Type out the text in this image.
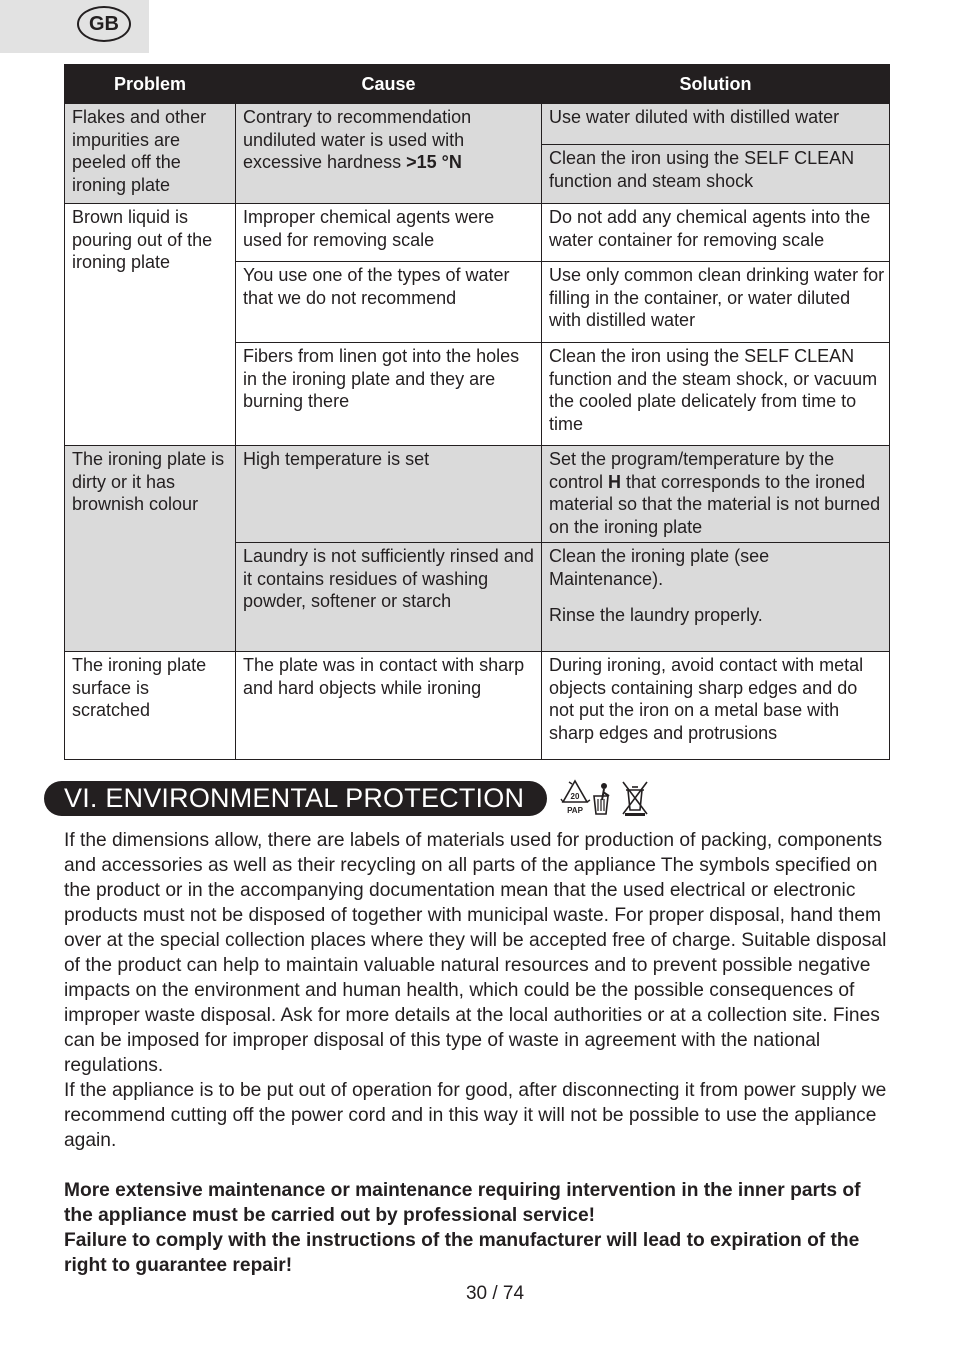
GB
Problem	Cause	Solution
Flakes and other impurities are peeled off the ironing plate	Contrary to recommendation undiluted water is used with excessive hardness >15 °N	Use water diluted with distilled water
		Clean the iron using the SELF CLEAN function and steam shock
Brown liquid is pouring out of the ironing plate	Improper chemical agents were used for removing scale	Do not add any chemical agents into the water container for removing scale
	You use one of the types of water that we do not recommend	Use only common clean drinking water for filling in the container, or water diluted with distilled water
	Fibers from linen got into the holes in the ironing plate and they are burning there	Clean the iron using the SELF CLEAN function and the steam shock, or vacuum the cooled plate delicately from time to time
The ironing plate is dirty or it has brownish colour	High temperature is set	Set the program/temperature by the control H that corresponds to the ironed material so that the material is not burned on the ironing plate
	Laundry is not sufficiently rinsed and it contains residues of washing powder, softener or starch	Clean the ironing plate (see Maintenance).
Rinse the laundry properly.

The ironing plate surface is scratched	The plate was in contact with sharp and hard objects while ironing	During ironing, avoid contact with metal objects containing sharp edges and do not put the iron on a metal base with sharp edges and protrusions
VI. ENVIRONMENTAL PROTECTION	20
PAP

If the dimensions allow, there are labels of materials used for production of packing, components and accessories as well as their recycling on all parts of the appliance The symbols specified on the product or in the accompanying documentation mean that the used electrical or electronic products must not be disposed of together with municipal waste. For proper disposal, hand them over at the special collection places where they will be accepted free of charge. Suitable disposal of the product can help to maintain valuable natural resources and to prevent possible negative impacts on the environment and human health, which could be the possible consequences of improper waste disposal. Ask for more details at the local authorities or at a collection site. Fines can be imposed for improper disposal of this type of waste in agreement with the national regulations.

If the appliance is to be put out of operation for good, after disconnecting it from power supply we recommend cutting off the power cord and in this way it will not be possible to use the appliance again.

More extensive maintenance or maintenance requiring intervention in the inner parts of the appliance must be carried out by professional service!

Failure to comply with the instructions of the manufacturer will lead to expiration of the right to guarantee repair!

30 / 74
